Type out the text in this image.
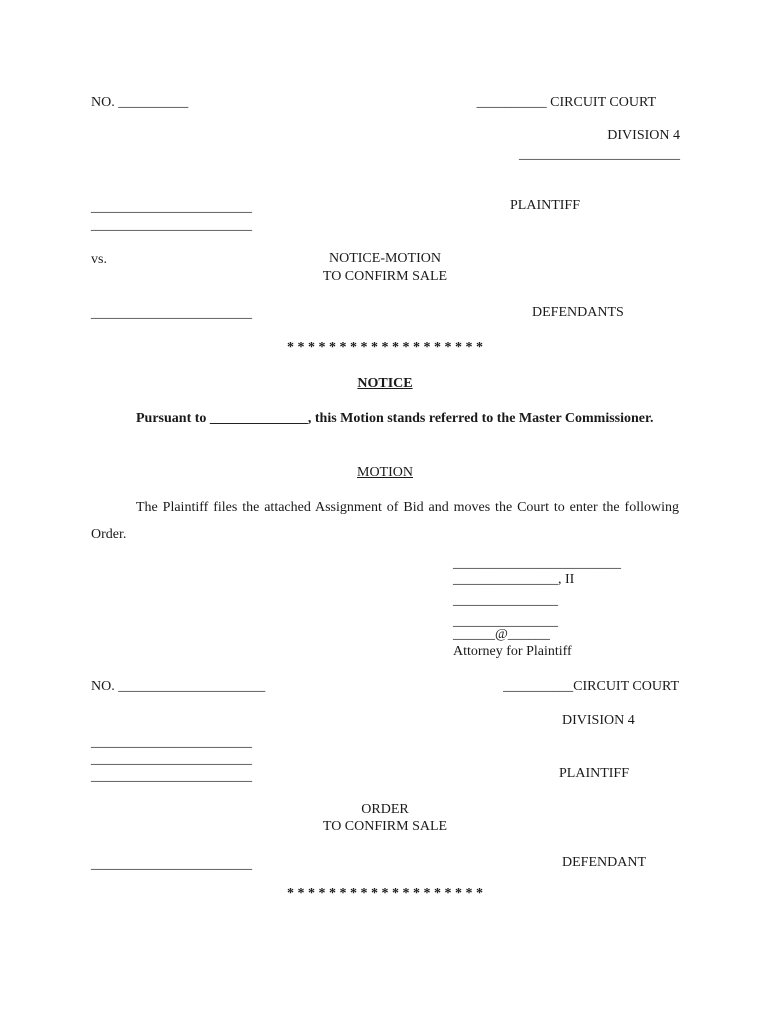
NO. __________	__________ CIRCUIT COURT
DIVISION 4
_______________________
_______________________
_______________________
PLAINTIFF
vs.	NOTICE-MOTION
TO CONFIRM SALE
_______________________	DEFENDANTS
* * * * * * * * * * * * * * * * * * *
NOTICE
Pursuant to ______________, this Motion stands referred to the Master Commissioner.
MOTION
The Plaintiff files the attached Assignment of Bid and moves the Court to enter the following Order.
________________________
_______________, II
_______________
_______________
______@______
Attorney for Plaintiff
NO. _____________________	__________CIRCUIT COURT
DIVISION 4
_______________________
_______________________
_______________________	PLAINTIFF
ORDER
TO CONFIRM SALE
_______________________	DEFENDANT
* * * * * * * * * * * * * * * * * * *
